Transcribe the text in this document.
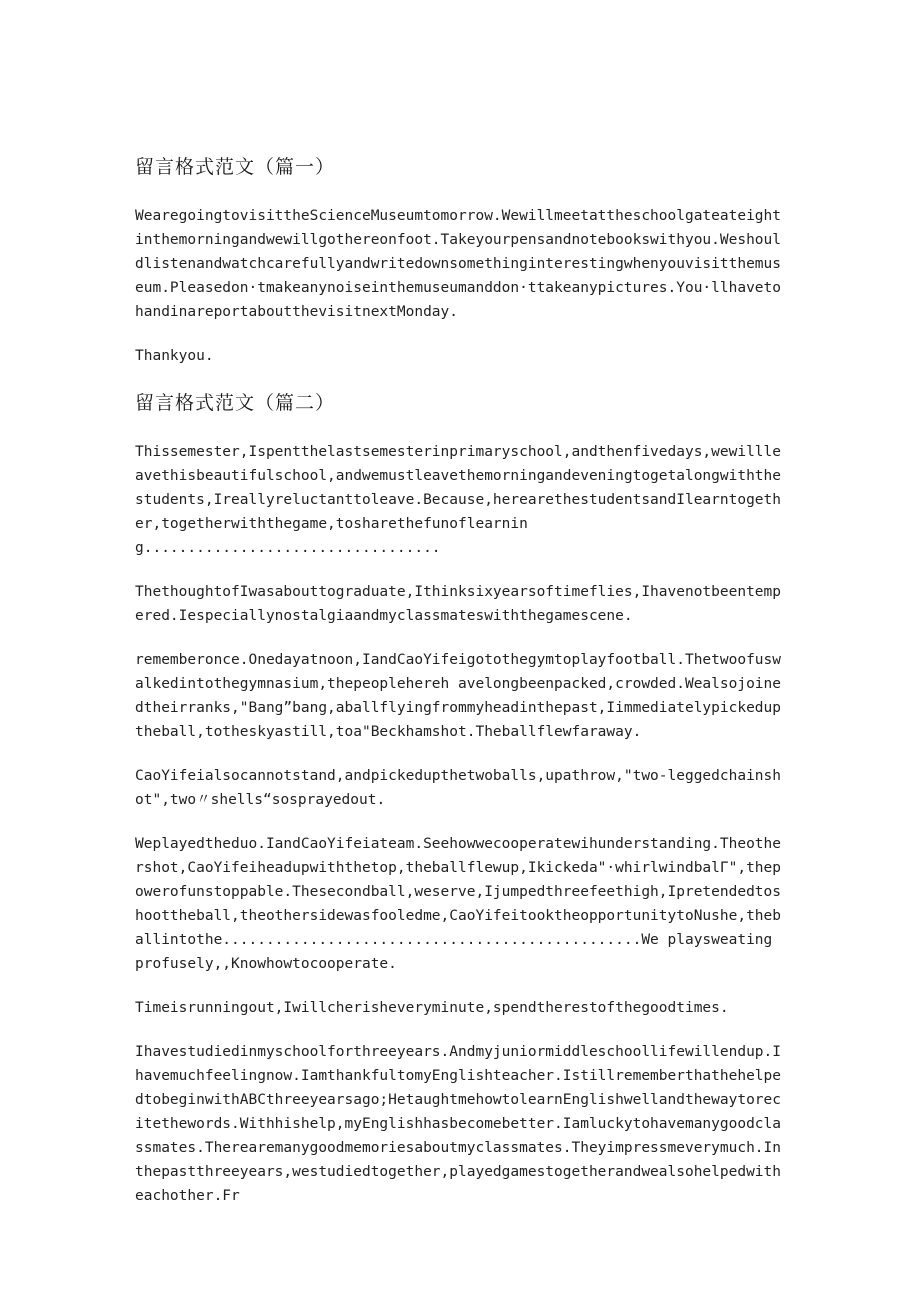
留言格式范文（篇一）

WearegoingtovisittheScienceMuseumtomorrow.Wewillmeetattheschoolgateateightinthemorningandwewillgothereonfoot.Takeyourpensandnotebookswithyou.Weshouldlistenandwatchcarefullyandwritedownsomethinginterestingwhenyouvisitthemuseum.Pleasedon·tmakeanynoiseinthemuseumanddon·ttakeanypictures.You·llhavetohandinareportaboutthevisitnextMonday.

Thankyou.

留言格式范文（篇二）

Thissemester,Ispentthelastsemesterinprimaryschool,andthenfivedays,wewillleavethisbeautifulschool,andwemustleavethemorningandeveningtogetalongwiththestudents,Ireallyreluctanttoleave.Because,herearethestudentsandIlearntogether,togetherwiththegame,tosharethefunoflearning..................................

ThethoughtofIwasabouttograduate,Ithinksixyearsoftimeflies,Ihavenotbeentempered.Iespeciallynostalgiaandmyclassmateswiththegamescene.

rememberonce.Onedayatnoon,IandCaoYifeigotothegymtoplayfootball.Thetwoofuswalkedintothegymnasium,thepeoplehereh avelongbeenpacked,crowded.Wealsojoinedtheirranks,"Bang”bang,aballflyingfrommyheadinthepast,Iimmediatelypickeduptheball,totheskyastill,toa"Beckhamshot.Theballflewfaraway.

CaoYifeialsocannotstand,andpickedupthetwoballs,upathrow,"two-leggedchainshot",two〃shells“sosprayedout.

Weplayedtheduo.IandCaoYifeiateam.Seehowwecooperatewihunderstanding.Theothershot,CaoYifeiheadupwiththetop,theballflewup,Ikickeda"·whirlwindbalΓ",thepowerofunstoppable.Thesecondball,weserve,Ijumpedthreefeethigh,Ipretendedtoshoottheball,theothersidewasfooledme,CaoYifeitooktheopportunitytoNushe,theballintothe................................................We playsweating profusely,,Knowhowtocooperate.

Timeisrunningout,Iwillcherisheveryminute,spendtherestofthegoodtimes.

Ihavestudiedinmyschoolforthreeyears.Andmyjuniormiddleschoollifewillendup.Ihavemuchfeelingnow.IamthankfultomyEnglishteacher.IstillrememberthathehelpedtobeginwithABCthreeyearsago;HetaughtmehowtolearnEnglishwellandthewaytorecitethewords.Withhishelp,myEnglishhasbecomebetter.Iamluckytohavemanygoodclassmates.Therearemanygoodmemoriesaboutmyclassmates.Theyimpressmeverymuch.Inthepastthreeyears,westudiedtogether,playedgamestogetherandwealsohelpedwitheachother.Fr
